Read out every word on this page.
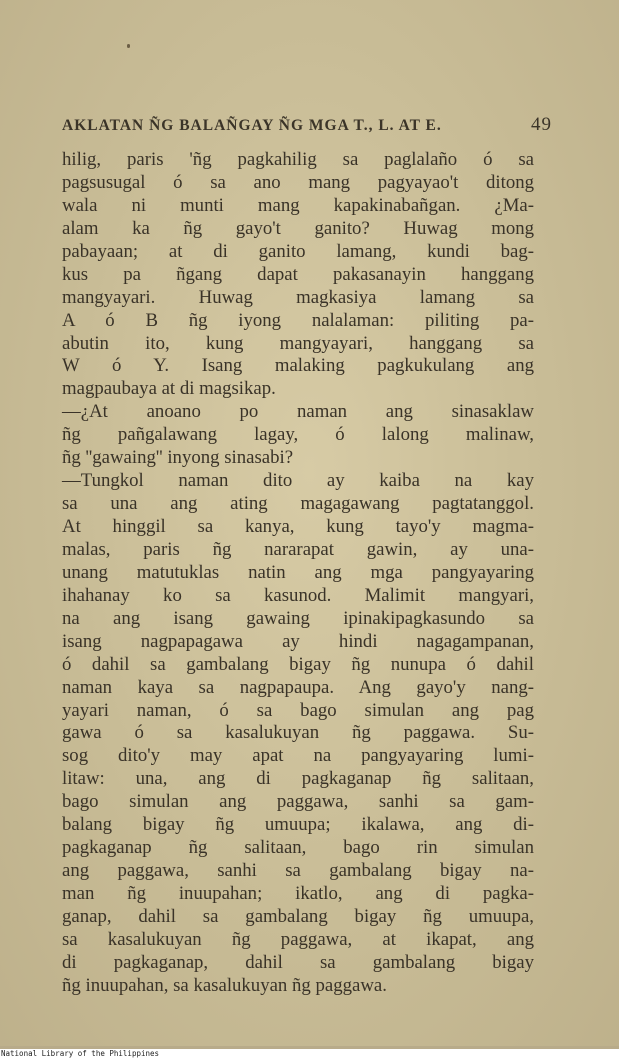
AKLATAN ÑG BALAÑGAY ÑG MGA T., L. AT E.	49
hilig, paris 'ñg pagkahilig sa paglalaño ó sa
pagsusugal ó sa ano mang pagyayao't ditong
wala ni munti mang kapakinabañgan. ¿Ma-
alam ka ñg gayo't ganito? Huwag mong
pabayaan; at di ganito lamang, kundi bag-
kus pa ñgang dapat pakasanayin hanggang
mangyayari. Huwag magkasiya lamang sa
A ó B ñg iyong nalalaman: piliting pa-
abutin ito, kung mangyayari, hanggang sa
W ó Y. Isang malaking pagkukulang ang
magpaubaya at di magsikap.
—¿At anoano po naman ang sinasaklaw
ñg pañgalawang lagay, ó lalong malinaw,
ñg ''gawaing'' inyong sinasabi?
—Tungkol naman dito ay kaiba na kay
sa una ang ating magagawang pagtatanggol.
At hinggil sa kanya, kung tayo'y magma-
malas, paris ñg nararapat gawin, ay una-
unang matutuklas natin ang mga pangyayaring
ihahanay ko sa kasunod. Malimit mangyari,
na ang isang gawaing ipinakipagkasundo sa
isang nagpapagawa ay hindi nagagampanan,
ó dahil sa gambalang bigay ñg nunupa ó dahil
naman kaya sa nagpapaupa. Ang gayo'y nang-
yayari naman, ó sa bago simulan ang pag
gawa ó sa kasalukuyan ñg paggawa. Su-
sog dito'y may apat na pangyayaring lumi-
litaw: una, ang di pagkaganap ñg salitaan,
bago simulan ang paggawa, sanhi sa gam-
balang bigay ñg umuupa; ikalawa, ang di-
pagkaganap ñg salitaan, bago rin simulan
ang paggawa, sanhi sa gambalang bigay na-
man ñg inuupahan; ikatlo, ang di pagka-
ganap, dahil sa gambalang bigay ñg umuupa,
sa kasalukuyan ñg paggawa, at ikapat, ang
di pagkaganap, dahil sa gambalang bigay
ñg inuupahan, sa kasalukuyan ñg paggawa.
National Library of the Philippines
